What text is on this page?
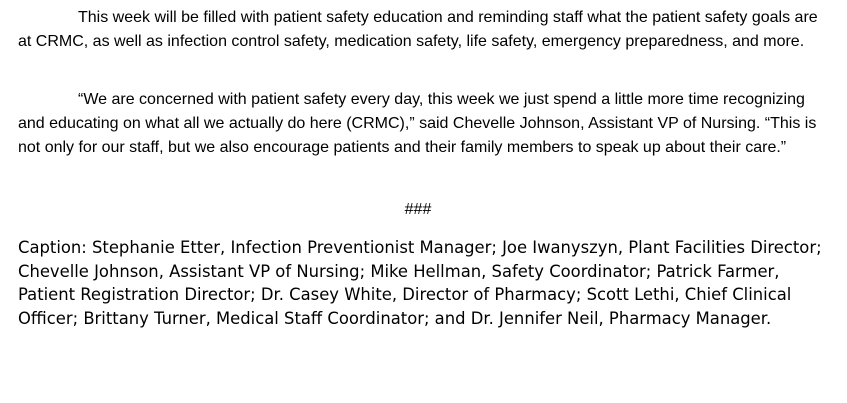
This week will be filled with patient safety education and reminding staff what the patient safety goals are at CRMC, as well as infection control safety, medication safety, life safety, emergency preparedness, and more.

“We are concerned with patient safety every day, this week we just spend a little more time recognizing and educating on what all we actually do here (CRMC),” said Chevelle Johnson, Assistant VP of Nursing. “This is not only for our staff, but we also encourage patients and their family members to speak up about their care.”

###

Caption: Stephanie Etter, Infection Preventionist Manager; Joe Iwanyszyn, Plant Facilities Director; Chevelle Johnson, Assistant VP of Nursing; Mike Hellman, Safety Coordinator; Patrick Farmer, Patient Registration Director; Dr. Casey White, Director of Pharmacy; Scott Lethi, Chief Clinical Officer; Brittany Turner, Medical Staff Coordinator; and Dr. Jennifer Neil, Pharmacy Manager.
